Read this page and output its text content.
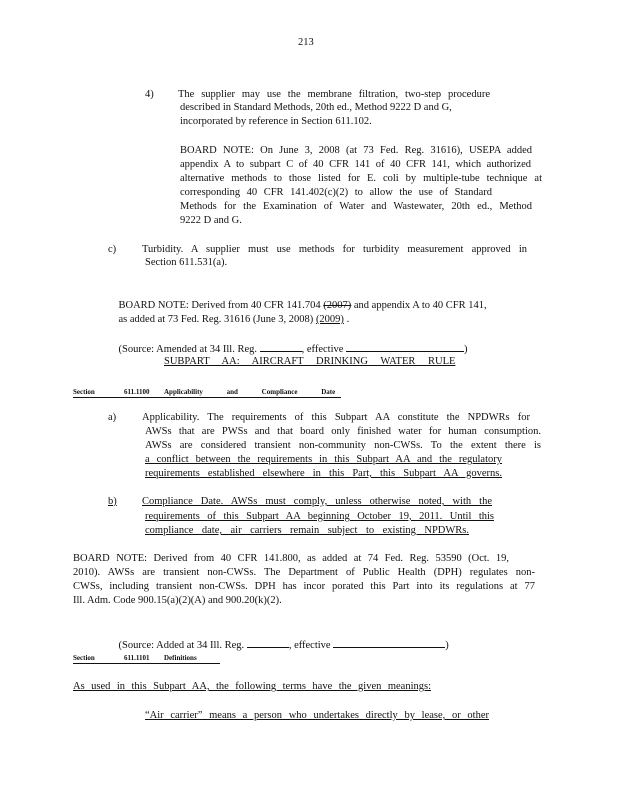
213
4) The supplier may use the membrane filtration, two-step procedure
described in Standard Methods, 20th ed., Method 9222 D and G,
incorporated by reference in Section 611.102.
BOARD NOTE: On June 3, 2008 (at 73 Fed. Reg. 31616), USEPA added
appendix A to subpart C of 40 CFR 141 of 40 CFR 141, which authorized
alternative methods to those listed for E. coli by multiple-tube technique at
corresponding 40 CFR 141.402(c)(2) to allow the use of Standard
Methods for the Examination of Water and Wastewater, 20th ed., Method
9222 D and G.
c) Turbidity. A supplier must use methods for turbidity measurement approved in
Section 611.531(a).

BOARD NOTE: Derived from 40 CFR 141.704 (2007) and appendix A to 40 CFR 141,

as added at 73 Fed. Reg. 31616 (June 3, 2008) (2009) .

(Source: Amended at 34 Ill. Reg.	, effective	)

SUBPART AA: AIRCRAFT DRINKING WATER RULE
Section	611.1100 Applicability and Compliance Date
a) Applicability. The requirements of this Subpart AA constitute the NPDWRs for
AWSs that are PWSs and that board only finished water for human consumption.
AWSs are considered transient non-community non-CWSs. To the extent there is
a conflict between the requirements in this Subpart AA and the regulatory
requirements established elsewhere in this Part, this Subpart AA governs.
b) Compliance Date. AWSs must comply, unless otherwise noted, with the
requirements of this Subpart AA beginning October 19, 2011. Until this
compliance date, air carriers remain subject to existing NPDWRs.
BOARD NOTE: Derived from 40 CFR 141.800, as added at 74 Fed. Reg. 53590 (Oct. 19,
2010). AWSs are transient non-CWSs. The Department of Public Health (DPH) regulates non-
CWSs, including transient non-CWSs. DPH has incor porated this Part into its regulations at 77
Ill. Adm. Code 900.15(a)(2)(A) and 900.20(k)(2).

(Source: Added at 34 Ill. Reg.	, effective	)

Section	611.1101 Definitions
As used in this Subpart AA, the following terms have the given meanings:
“Air carrier” means a person who undertakes directly by lease, or other
